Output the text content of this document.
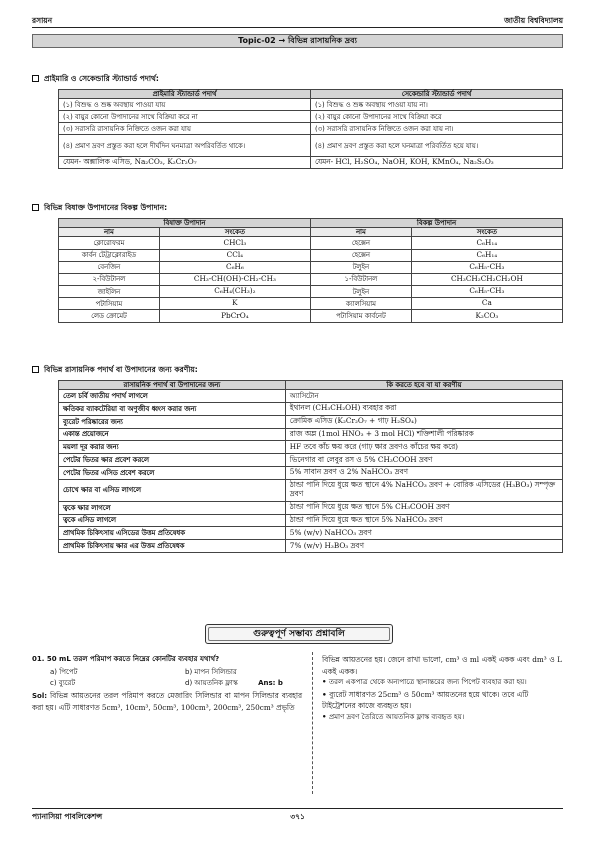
রসায়ন	জাতীয় বিশ্ববিদ্যালয়
Topic-02 → বিভিন্ন রাসায়নিক দ্রব্য
প্রাইমারি ও সেকেন্ডারি স্ট্যান্ডার্ড পদার্থ:
প্রাইমারি স্ট্যান্ডার্ড পদার্থ	সেকেন্ডারি স্ট্যান্ডার্ড পদার্থ
(১) বিশুদ্ধ ও শুষ্ক অবস্থায় পাওয়া যায়	(১) বিশুদ্ধ ও শুষ্ক অবস্থায় পাওয়া যায় না।
(২) বায়ুর কোনো উপাদানের সাথে বিক্রিয়া করে না	(২) বায়ুর কোনো উপাদানের সাথে বিক্রিয়া করে
(৩) সরাসরি রাসায়নিক নিক্তিতে ওজন করা যায়	(৩) সরাসরি রাসায়নিক নিক্তিতে ওজন করা যায় না।
(৪) প্রমাণ দ্রবণ প্রস্তুত করা হলে দীর্ঘদিন ঘনমাত্রা অপরিবর্তিত থাকে।	(৪) প্রমাণ দ্রবণ প্রস্তুত করা হলে ঘনমাত্রা পরিবর্তিত হয়ে যায়।
যেমন- অক্সালিক এসিড, Na₂CO₃, K₂Cr₂O₇	যেমন- HCl, H₂SO₄, NaOH, KOH, KMnO₄, Na₂S₂O₃
বিভিন্ন বিষাক্ত উপাদানের বিকল্প উপাদান:
বিষাক্ত উপাদান		বিকল্প উপাদান	
নাম	সংকেত	নাম	সংকেত
ক্লোরোফরম	CHCl₃	হেক্সেন	C₆H₁₄
কার্বন টেট্রাক্লোরাইড	CCl₄	হেক্সেন	C₆H₁₄
বেনজিন	C₆H₆	টলুইন	C₆H₅-CH₃
২-বিউটানল	CH₃-CH(OH)-CH₂-CH₃	১-বিউটানল	CH₃CH₂CH₂CH₂OH
জাইলিন	C₆H₄(CH₃)₂	টলুইন	C₆H₅-CH₃
পটাসিয়াম	K	ক্যালসিয়াম	Ca
লেড ক্রোমেট	PbCrO₄	পটাসিয়াম কার্বনেট	K₂CO₃
বিভিন্ন রাসায়নিক পদার্থ বা উপাদানের জন্য করণীয়:
রাসায়নিক পদার্থ বা উপাদানের জন্য	কি করতে হবে বা যা করণীয়
তেল চর্বি জাতীয় পদার্থ লাগলে	অ্যাসিটোন
ক্ষতিকর ব্যাকটেরিয়া বা অণুজীব ধ্বংস করার জন্য	ইথানল (CH₃CH₂OH) ব্যবহার করা
ব্যুরেট পরিষ্কারের জন্য	ক্রোমিক এসিড (K₂Cr₂O₇ + গাঢ় H₂SO₄)
একান্ত প্রয়োজনে	রাজ অম্ল (1mol HNO₃ + 3 mol HCl) শক্তিশালী পরিষ্কারক
ময়লা দূর করার জন্য	HF তবে কাঁচ ক্ষয় করে (গাঢ় ক্ষার দ্রবণও কাঁচের ক্ষয় করে)
পেটের ভিতর ক্ষার প্রবেশ করলে	ভিনেগার বা লেবুর রস ও 5% CH₃COOH দ্রবণ
পেটের ভিতর এসিড প্রবেশ করলে	5% সাবান দ্রবণ ও 2% NaHCO₃ দ্রবণ
চোখে ক্ষার বা এসিড লাগলে	ঠান্ডা পানি দিয়ে ধুয়ে ক্ষত স্থানে 4% NaHCO₃ দ্রবণ + বোরিক এসিডের (H₃BO₃) সম্পৃক্ত দ্রবণ
ত্বকে ক্ষার লাগলে	ঠান্ডা পানি দিয়ে ধুয়ে ক্ষত স্থানে 5% CH₃COOH দ্রবণ
ত্বকে এসিড লাগলে	ঠান্ডা পানি দিয়ে ধুয়ে ক্ষত স্থানে 5% NaHCO₃ দ্রবণ
প্রাথমিক চিকিৎসায় এসিডের উত্তম প্রতিষেধক	5% (w/v) NaHCO₃ দ্রবণ
প্রাথমিক চিকিৎসায় ক্ষার এর উত্তম প্রতিষেধক	7% (w/v) H₃BO₃ দ্রবণ
গুরুত্বপূর্ণ সম্ভাব্য প্রশ্নাবলি
01. 50 mL তরল পরিমাপ করতে নিম্নের কোনটির ব্যবহার যথার্থ?
a) পিপেট	b) মাপন সিলিন্ডার
c) ব্যুরেট	d) আয়তনিক ফ্লাস্ক	Ans: b
Sol: বিভিন্ন আয়তনের তরল পরিমাপ করতে মেজারিং সিলিন্ডার বা মাপন সিলিন্ডার ব্যবহার করা হয়। এটি সাধারণত 5cm³, 10cm³, 50cm³, 100cm³, 200cm³, 250cm³ প্রভৃতি
বিভিন্ন আয়তনের হয়। জেনে রাখা ভালো, cm³ ও ml একই একক এবং dm³ ও L একই একক।
• তরল একপাত্র থেকে অন্যপাত্রে স্থানান্তরের জন্য পিপেট ব্যবহার করা হয়।
• ব্যুরেট সাধারণত 25cm³ ও 50cm³ আয়তনের হয়ে থাকে। তবে এটি টাইট্রেশনের কাজে ব্যবহৃত হয়।
• প্রমাণ দ্রবণ তৈরিতে আয়তনিক ফ্লাস্ক ব্যবহৃত হয়।
প্যানাসিয়া পাবলিকেশন্স	৩৭১
